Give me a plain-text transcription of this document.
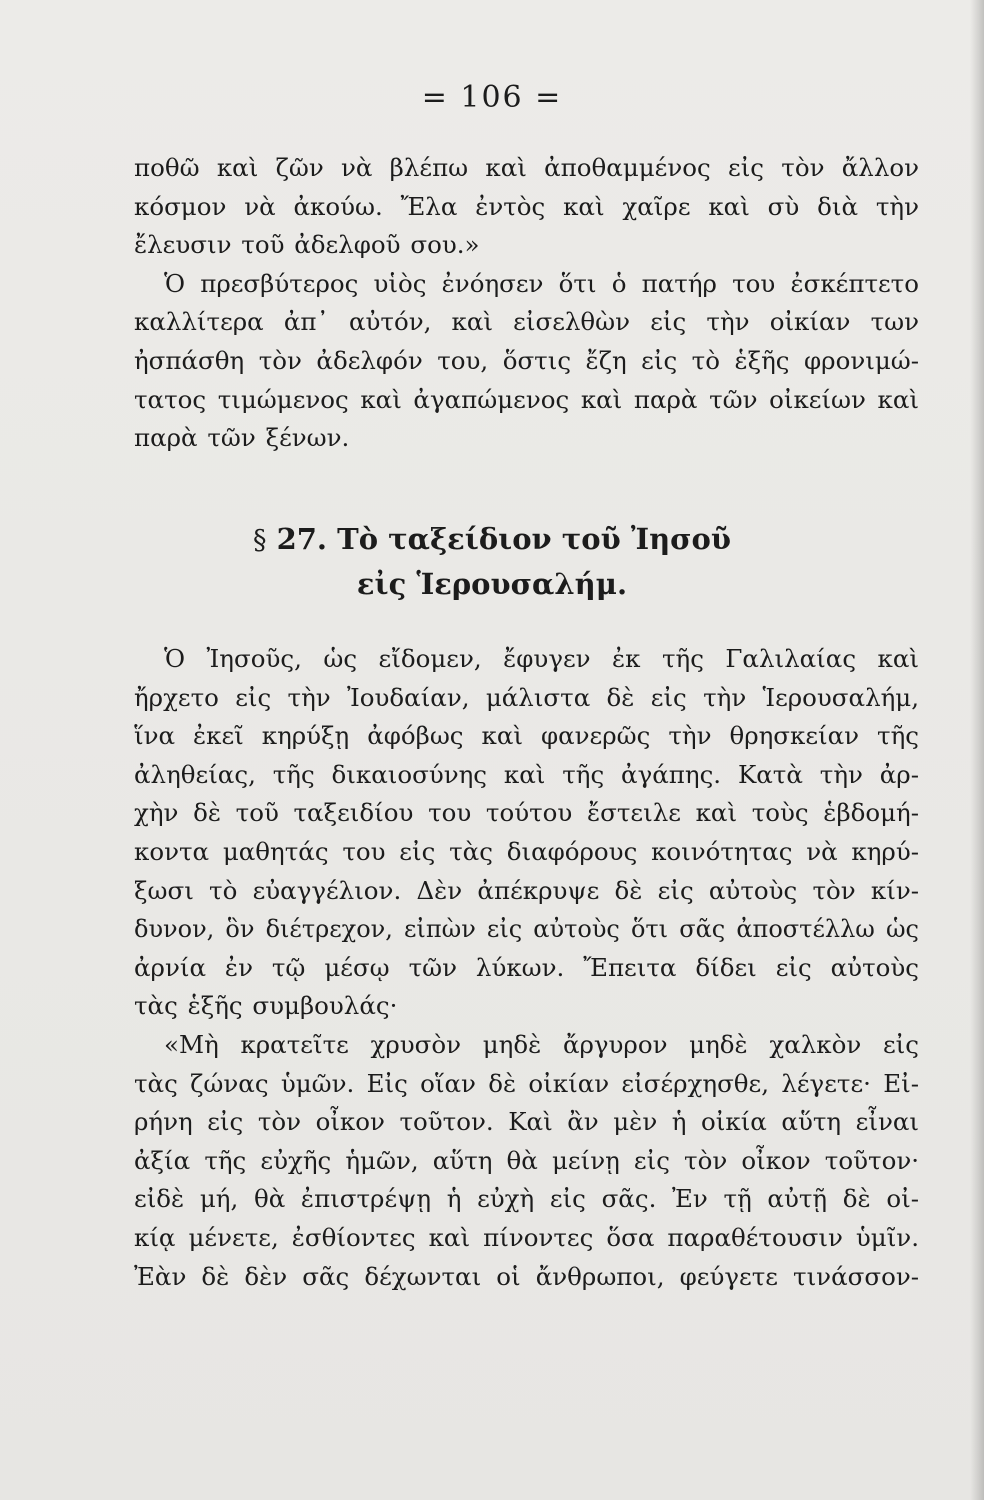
= 106 =
ποθῶ καὶ ζῶν νὰ βλέπω καὶ ἀποθαμμένος εἰς τὸν ἄλλον
κόσμον νὰ ἀκούω. Ἔλα ἐντὸς καὶ χαῖρε καὶ σὺ διὰ τὴν
ἔλευσιν τοῦ ἀδελφοῦ σου.»
Ὁ πρεσβύτερος υἱὸς ἐνόησεν ὅτι ὁ πατήρ του ἐσκέπτετο
καλλίτερα ἀπ᾿ αὐτόν, καὶ εἰσελθὼν εἰς τὴν οἰκίαν των
ἠσπάσθη τὸν ἀδελφόν του, ὅστις ἔζη εἰς τὸ ἑξῆς φρονιμώ-
τατος τιμώμενος καὶ ἀγαπώμενος καὶ παρὰ τῶν οἰκείων καὶ
παρὰ τῶν ξένων.
§ 27. Τὸ ταξείδιον τοῦ Ἰησοῦ
εἰς Ἱερουσαλήμ.
Ὁ Ἰησοῦς, ὡς εἴδομεν, ἔφυγεν ἐκ τῆς Γαλιλαίας καὶ
ἤρχετο εἰς τὴν Ἰουδαίαν, μάλιστα δὲ εἰς τὴν Ἱερουσαλήμ,
ἵνα ἐκεῖ κηρύξῃ ἀφόβως καὶ φανερῶς τὴν θρησκείαν τῆς
ἀληθείας, τῆς δικαιοσύνης καὶ τῆς ἀγάπης. Κατὰ τὴν ἀρ-
χὴν δὲ τοῦ ταξειδίου του τούτου ἔστειλε καὶ τοὺς ἑβδομή-
κοντα μαθητάς του εἰς τὰς διαφόρους κοινότητας νὰ κηρύ-
ξωσι τὸ εὐαγγέλιον. Δὲν ἀπέκρυψε δὲ εἰς αὐτοὺς τὸν κίν-
δυνον, ὃν διέτρεχον, εἰπὼν εἰς αὐτοὺς ὅτι σᾶς ἀποστέλλω ὡς
ἀρνία ἐν τῷ μέσῳ τῶν λύκων. Ἔπειτα δίδει εἰς αὐτοὺς
τὰς ἑξῆς συμβουλάς·
«Μὴ κρατεῖτε χρυσὸν μηδὲ ἄργυρον μηδὲ χαλκὸν εἰς
τὰς ζώνας ὑμῶν. Εἰς οἵαν δὲ οἰκίαν εἰσέρχησθε, λέγετε· Εἰ-
ρήνη εἰς τὸν οἶκον τοῦτον. Καὶ ἂν μὲν ἡ οἰκία αὕτη εἶναι
ἀξία τῆς εὐχῆς ἡμῶν, αὕτη θὰ μείνῃ εἰς τὸν οἶκον τοῦτον·
εἰδὲ μή, θὰ ἐπιστρέψῃ ἡ εὐχὴ εἰς σᾶς. Ἐν τῇ αὐτῇ δὲ οἰ-
κίᾳ μένετε, ἐσθίοντες καὶ πίνοντες ὅσα παραθέτουσιν ὑμῖν.
Ἐὰν δὲ δὲν σᾶς δέχωνται οἱ ἄνθρωποι, φεύγετε τινάσσον-
